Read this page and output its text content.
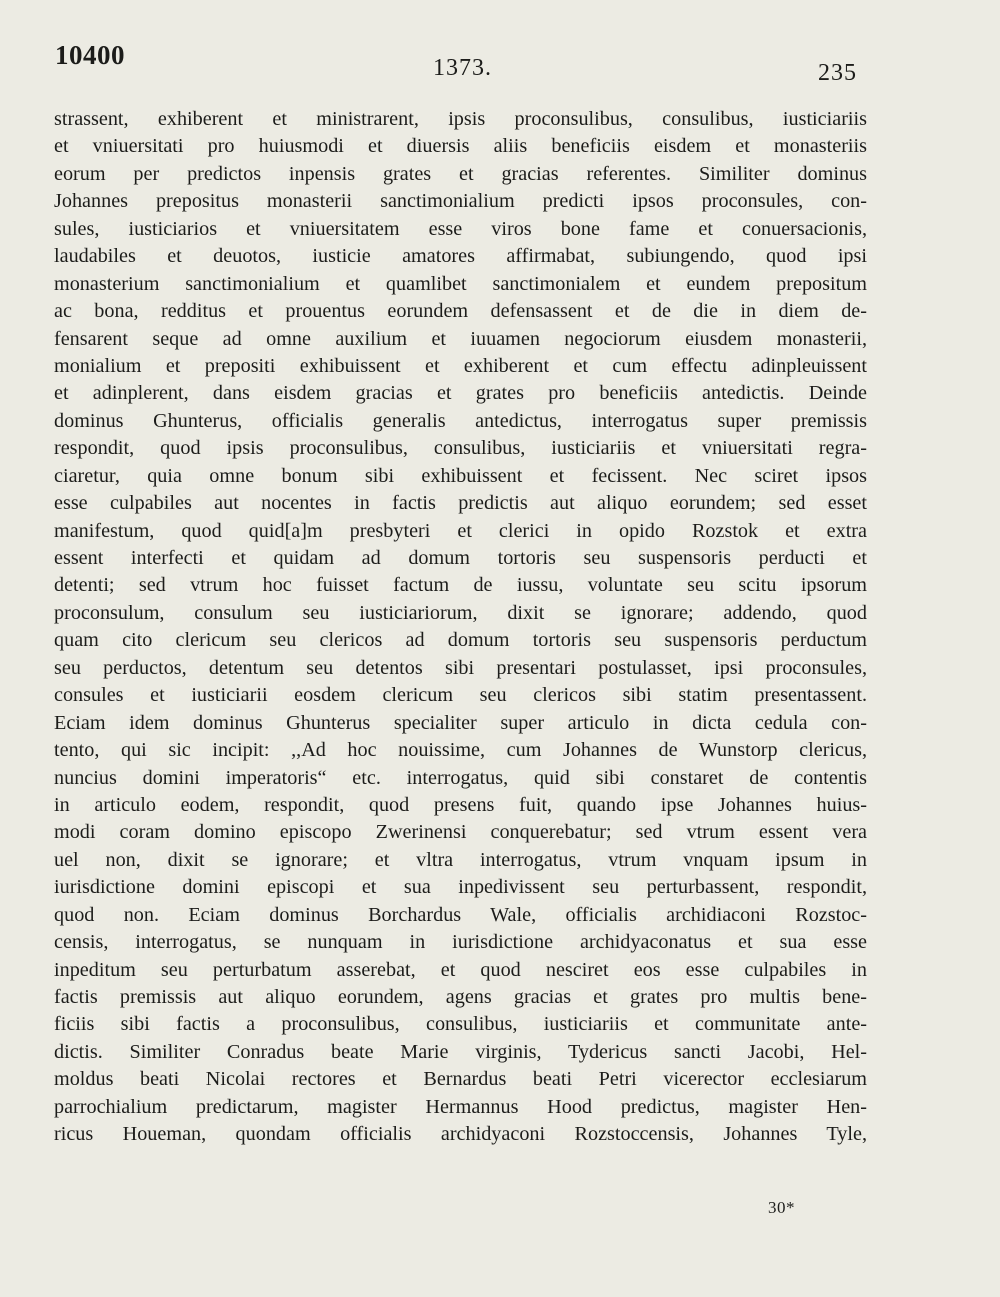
10400	1373.	235
strassent, exhiberent et ministrarent, ipsis proconsulibus, consulibus, iusticiariis
et vniuersitati pro huiusmodi et diuersis aliis beneficiis eisdem et monasteriis
eorum per predictos inpensis grates et gracias referentes. Similiter dominus
Johannes prepositus monasterii sanctimonialium predicti ipsos proconsules, con-
sules, iusticiarios et vniuersitatem esse viros bone fame et conuersacionis,
laudabiles et deuotos, iusticie amatores affirmabat, subiungendo, quod ipsi
monasterium sanctimonialium et quamlibet sanctimonialem et eundem prepositum
ac bona, redditus et prouentus eorundem defensassent et de die in diem de-
fensarent seque ad omne auxilium et iuuamen negociorum eiusdem monasterii,
monialium et prepositi exhibuissent et exhiberent et cum effectu adinpleuissent
et adinplerent, dans eisdem gracias et grates pro beneficiis antedictis. Deinde
dominus Ghunterus, officialis generalis antedictus, interrogatus super premissis
respondit, quod ipsis proconsulibus, consulibus, iusticiariis et vniuersitati regra-
ciaretur, quia omne bonum sibi exhibuissent et fecissent. Nec sciret ipsos
esse culpabiles aut nocentes in factis predictis aut aliquo eorundem; sed esset
manifestum, quod quid[a]m presbyteri et clerici in opido Rozstok et extra
essent interfecti et quidam ad domum tortoris seu suspensoris perducti et
detenti; sed vtrum hoc fuisset factum de iussu, voluntate seu scitu ipsorum
proconsulum, consulum seu iusticiariorum, dixit se ignorare; addendo, quod
quam cito clericum seu clericos ad domum tortoris seu suspensoris perductum
seu perductos, detentum seu detentos sibi presentari postulasset, ipsi proconsules,
consules et iusticiarii eosdem clericum seu clericos sibi statim presentassent.
Eciam idem dominus Ghunterus specialiter super articulo in dicta cedula con-
tento, qui sic incipit: ,,Ad hoc nouissime, cum Johannes de Wunstorp clericus,
nuncius domini imperatoris“ etc. interrogatus, quid sibi constaret de contentis
in articulo eodem, respondit, quod presens fuit, quando ipse Johannes huius-
modi coram domino episcopo Zwerinensi conquerebatur; sed vtrum essent vera
uel non, dixit se ignorare; et vltra interrogatus, vtrum vnquam ipsum in
iurisdictione domini episcopi et sua inpedivissent seu perturbassent, respondit,
quod non. Eciam dominus Borchardus Wale, officialis archidiaconi Rozstoc-
censis, interrogatus, se nunquam in iurisdictione archidyaconatus et sua esse
inpeditum seu perturbatum asserebat, et quod nesciret eos esse culpabiles in
factis premissis aut aliquo eorundem, agens gracias et grates pro multis bene-
ficiis sibi factis a proconsulibus, consulibus, iusticiariis et communitate ante-
dictis. Similiter Conradus beate Marie virginis, Tydericus sancti Jacobi, Hel-
moldus beati Nicolai rectores et Bernardus beati Petri vicerector ecclesiarum
parrochialium predictarum, magister Hermannus Hood predictus, magister Hen-
ricus Houeman, quondam officialis archidyaconi Rozstoccensis, Johannes Tyle,
30*
